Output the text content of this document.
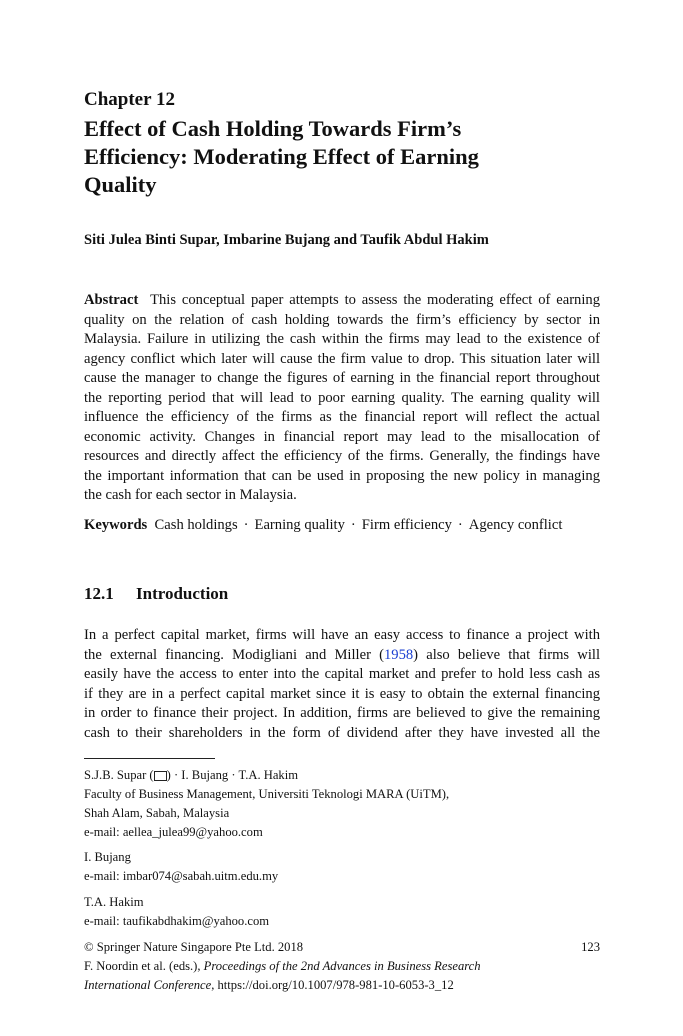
Chapter 12
Effect of Cash Holding Towards Firm’s
Efficiency: Moderating Effect of Earning
Quality
Siti Julea Binti Supar, Imbarine Bujang and Taufik Abdul Hakim
Abstract This conceptual paper attempts to assess the moderating effect of earning
quality on the relation of cash holding towards the firm’s efficiency by sector in
Malaysia. Failure in utilizing the cash within the firms may lead to the existence of
agency conflict which later will cause the firm value to drop. This situation later will
cause the manager to change the figures of earning in the financial report throughout
the reporting period that will lead to poor earning quality. The earning quality will
influence the efficiency of the firms as the financial report will reflect the actual
economic activity. Changes in financial report may lead to the misallocation of
resources and directly affect the efficiency of the firms. Generally, the findings have
the important information that can be used in proposing the new policy in managing
the cash for each sector in Malaysia.
Keywords Cash holdings · Earning quality · Firm efficiency · Agency conflict
12.1 Introduction
In a perfect capital market, firms will have an easy access to finance a project with
the external financing. Modigliani and Miller (1958) also believe that firms will
easily have the access to enter into the capital market and prefer to hold less cash as
if they are in a perfect capital market since it is easy to obtain the external financing
in order to finance their project. In addition, firms are believed to give the remaining
cash to their shareholders in the form of dividend after they have invested all the
S.J.B. Supar ( ) · I. Bujang · T.A. Hakim
Faculty of Business Management, Universiti Teknologi MARA (UiTM),
Shah Alam, Sabah, Malaysia
e-mail: aellea_julea99@yahoo.com
I. Bujang
e-mail: imbar074@sabah.uitm.edu.my
T.A. Hakim
e-mail: taufikabdhakim@yahoo.com
© Springer Nature Singapore Pte Ltd. 2018	123
F. Noordin et al. (eds.), Proceedings of the 2nd Advances in Business Research
International Conference, https://doi.org/10.1007/978-981-10-6053-3_12
